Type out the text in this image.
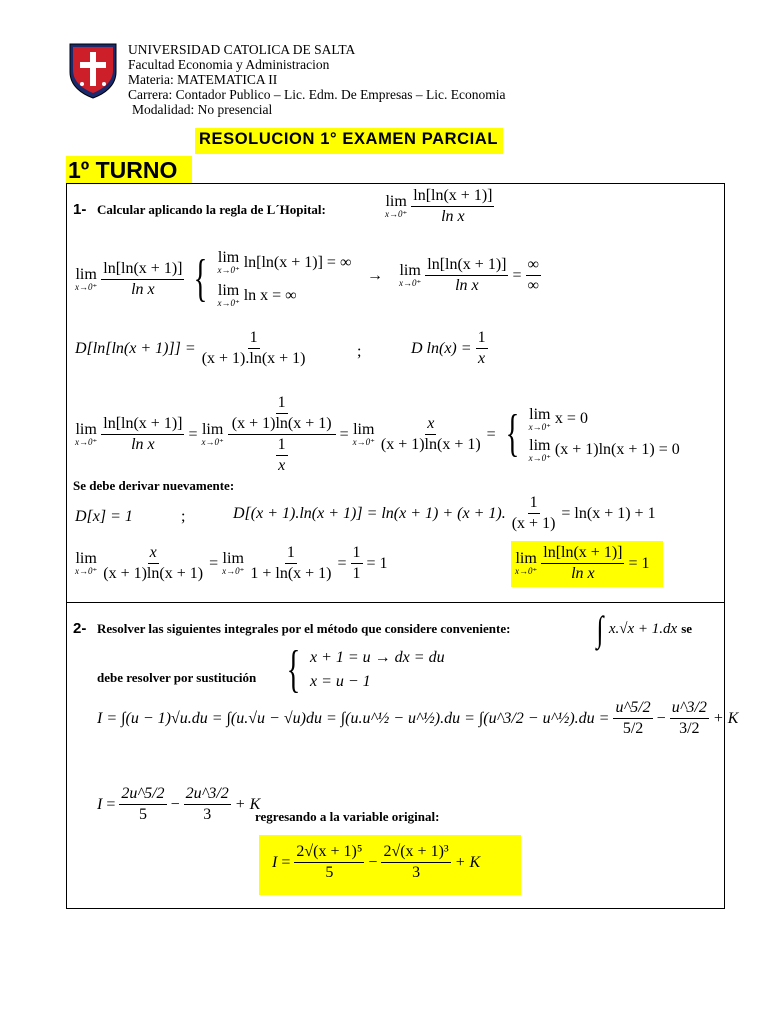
UNIVERSIDAD CATOLICA DE SALTA
Facultad Economia y Administracion
Materia: MATEMATICA II
Carrera: Contador Publico – Lic. Edm. De Empresas – Lic. Economia
Modalidad: No presencial
RESOLUCION 1° EXAMEN PARCIAL
1º TURNO
1- Calcular aplicando la regla de L´Hopital:	lim
$x\to 0^+ \frac{\ln[\ln(x + 1)]}{\text{ln x}}$
lim
$x\to 0^+ \frac{\ln[\ln(x + 1)]}{\text{ln x}}$ { lim
x→0⁺ ln[ln(x + 1)] = ∞
lim
x→0⁺ ln x = ∞
→ lim
$x\to 0^+ \frac{\ln[\ln(x + 1)]}{\text{ln x}} = \frac{\infty}{\infty}$
$D[\ln[\ln(x + 1)]] = \frac{1}{(x + 1).\ln(x + 1)}$	;	D $\ln(x) = \frac{1}{x}$
lim
$x\to 0^+ \frac{\ln[\ln(x + 1)]}{\text{ln x}} = \lim$
$x\to 0^+ \frac{\frac{1}{(x + 1)\ln(x + 1)}}{\frac{1}{x}} = \lim$
$x\to 0^+ \frac{x}{(x + 1)\ln(x + 1)}$ = { lim
x→0⁺ x = 0
lim
x→0⁺ (x + 1)ln(x + 1) = 0
Se debe derivar nuevamente:
D[x] = 1	;	D[(x + 1).ln(x + 1)] = ln(x + 1) + (x + 1). $\frac{1}{(x + 1)} = \ln(x + 1) + 1$
lim
$x\to 0^+ \frac{x}{(x + 1)\ln(x + 1)} = \lim$
$x\to 0^+ \frac{1}{1 + \ln(x + 1)} = \frac{1}{1} = 1$	lim
$x\to 0^+ \frac{\ln[\ln(x + 1)]}{\text{ln x}} = 1$
2- Resolver las siguientes integrales por el método que considere conveniente: ∫ x.√x + 1.dx se
debe resolver por sustitución { x + 1 = u → dx = du
x = u − 1
I = ∫(u − 1)√u.du = ∫(u.√u − √u)du = ∫(u.u^½ − u^½).du = ∫(u^3/2 − u^½).du = $\frac{u\^{}5/2}{5/2} - \frac{u\^{}3/2}{3/2} + K$
$I = \frac{2u\^{}5/2}{5} - \frac{2u\^{}3/2}{3} + K$
regresando a la variable original:
$I = \frac{\text{2√(x + 1)⁵}}{5} - \frac{\text{2√(x + 1)³}}{3} + K$
